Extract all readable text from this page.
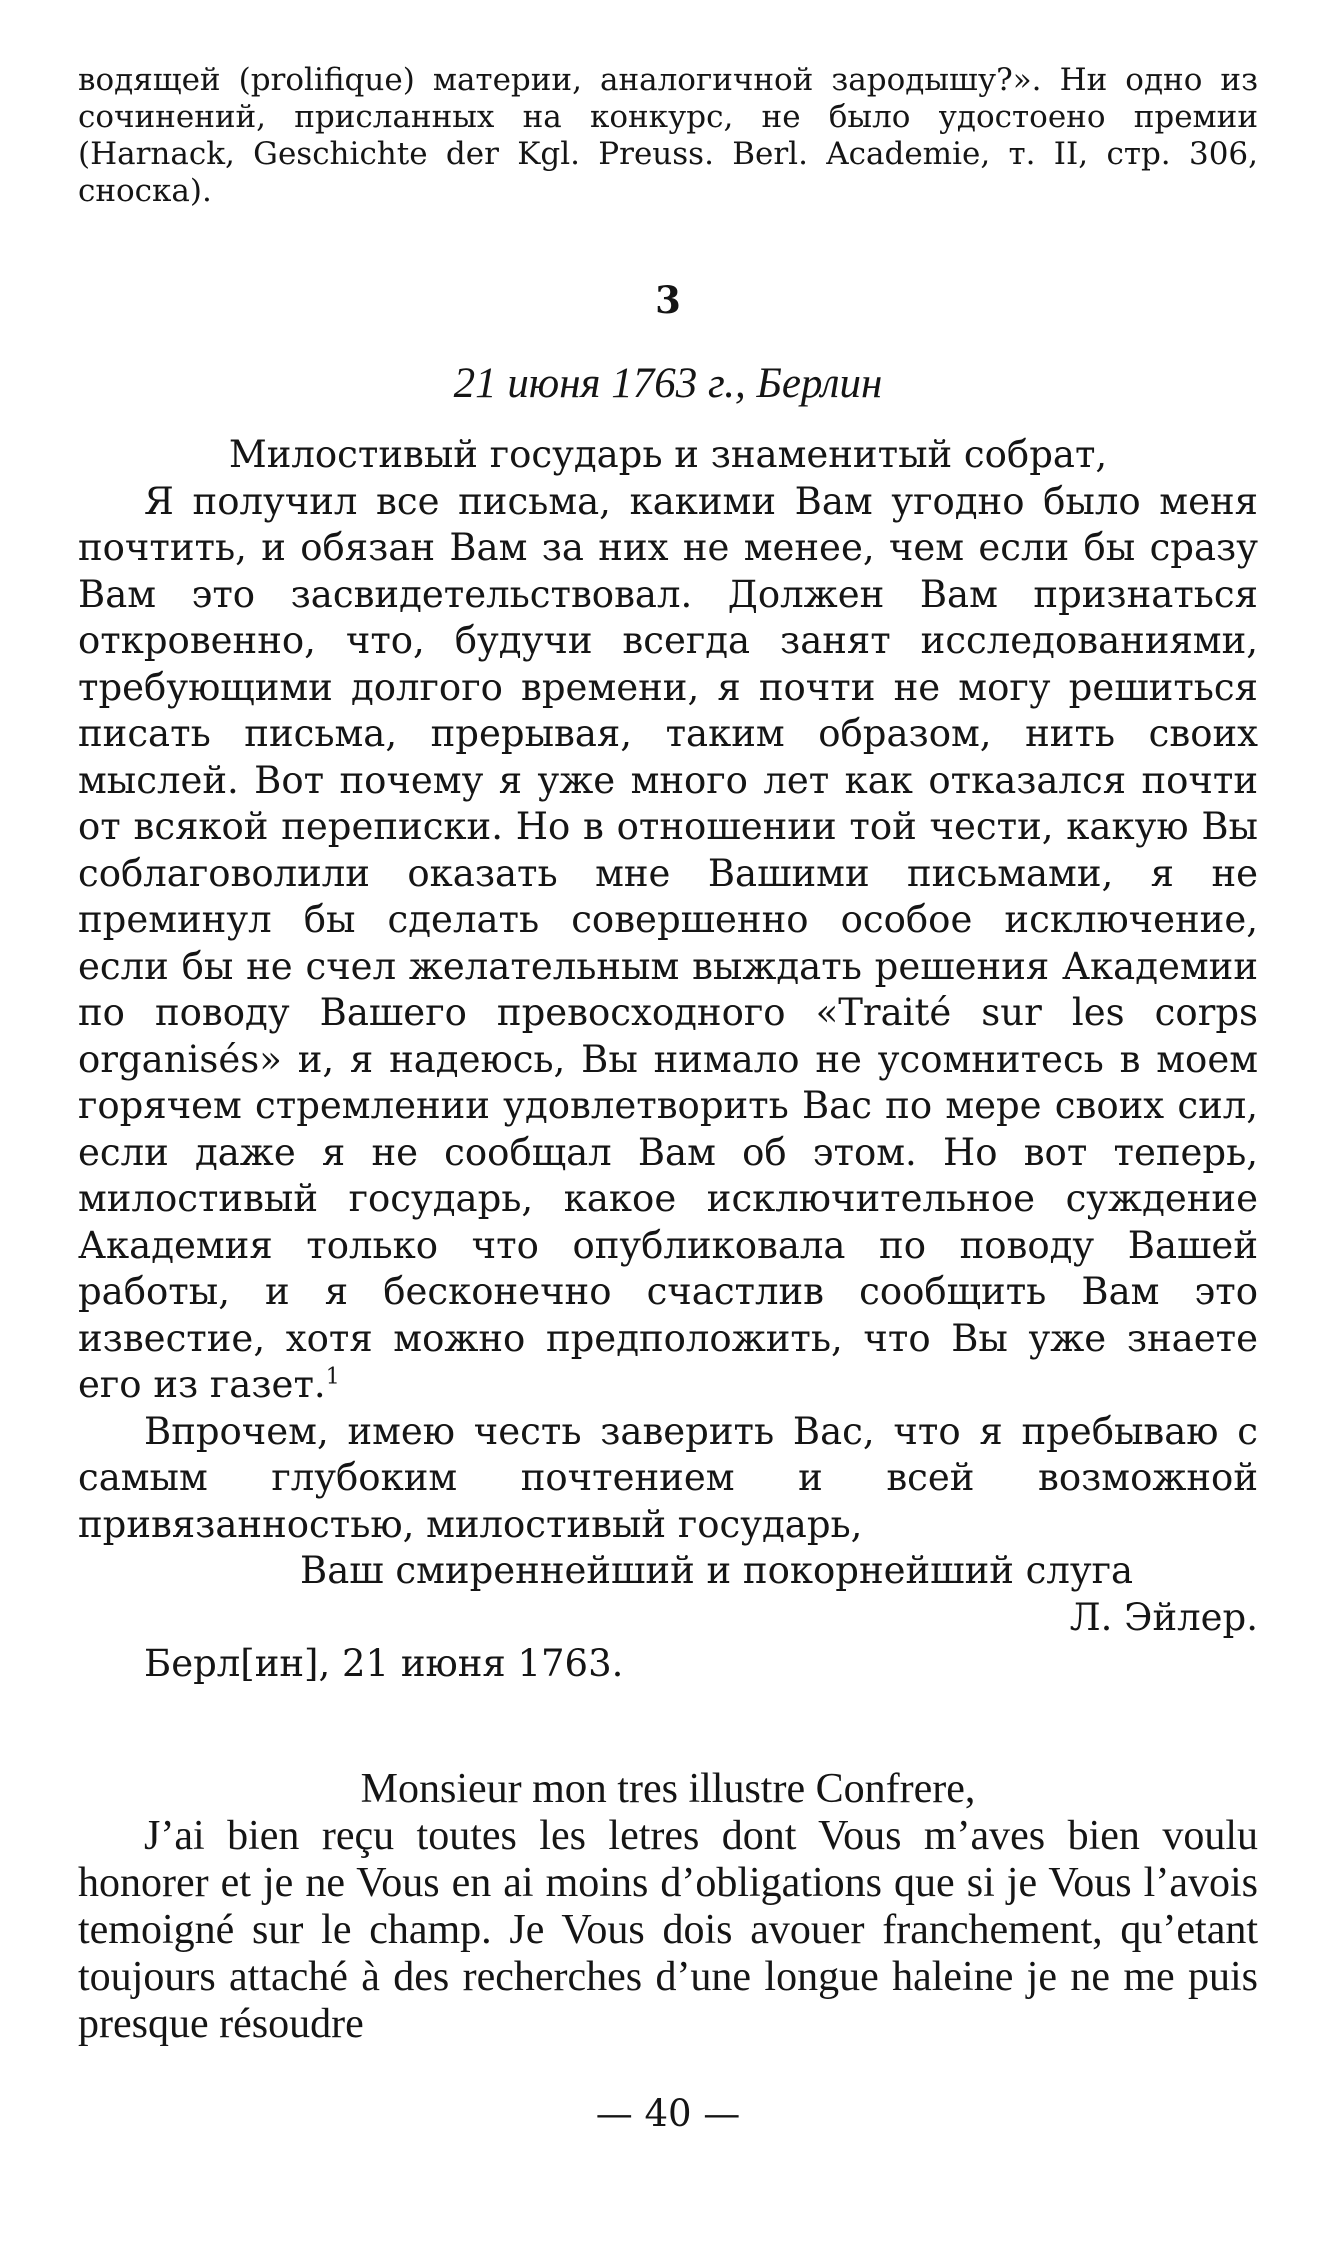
водящей (prolifique) материи, аналогичной зародышу?». Ни одно из сочинений, присланных на конкурс, не было удостоено премии (Harnack, Geschichte der Kgl. Preuss. Berl. Academie, т. II, стр. 306, сноска).

3
21 июня 1763 г., Берлин

Милостивый государь и знаменитый собрат,

Я получил все письма, какими Вам угодно было меня почтить, и обязан Вам за них не менее, чем если бы сразу Вам это засвидетельствовал. Должен Вам признаться откровенно, что, будучи всегда занят исследованиями, требующими долгого времени, я почти не могу решиться писать письма, прерывая, таким образом, нить своих мыслей. Вот почему я уже много лет как отказался почти от всякой переписки. Но в отношении той чести, какую Вы соблаговолили оказать мне Вашими письмами, я не преминул бы сделать совершенно особое исключение, если бы не счел желательным выждать решения Академии по поводу Вашего превосходного «Traité sur les corps organisés» и, я надеюсь, Вы нимало не усомнитесь в моем горячем стремлении удовлетворить Вас по мере своих сил, если даже я не сообщал Вам об этом. Но вот теперь, милостивый государь, какое исключительное суждение Академия только что опубликовала по поводу Вашей работы, и я бесконечно счастлив сообщить Вам это известие, хотя можно предположить, что Вы уже знаете его из газет.$^1$

Впрочем, имею честь заверить Вас, что я пребываю с самым глубоким почтением и всей возможной привязанностью, милостивый государь,

Ваш смиреннейший и покорнейший слуга

Л. Эйлер.

Берл[ин], 21 июня 1763.

Monsieur mon tres illustre Confrere,

J’ai bien reçu toutes les letres dont Vous m’aves bien voulu honorer et je ne Vous en ai moins d’obligations que si je Vous l’avois temoigné sur le champ. Je Vous dois avouer franchement, qu’etant toujours attaché à des recherches d’une longue haleine je ne me puis presque résoudre

— 40 —
